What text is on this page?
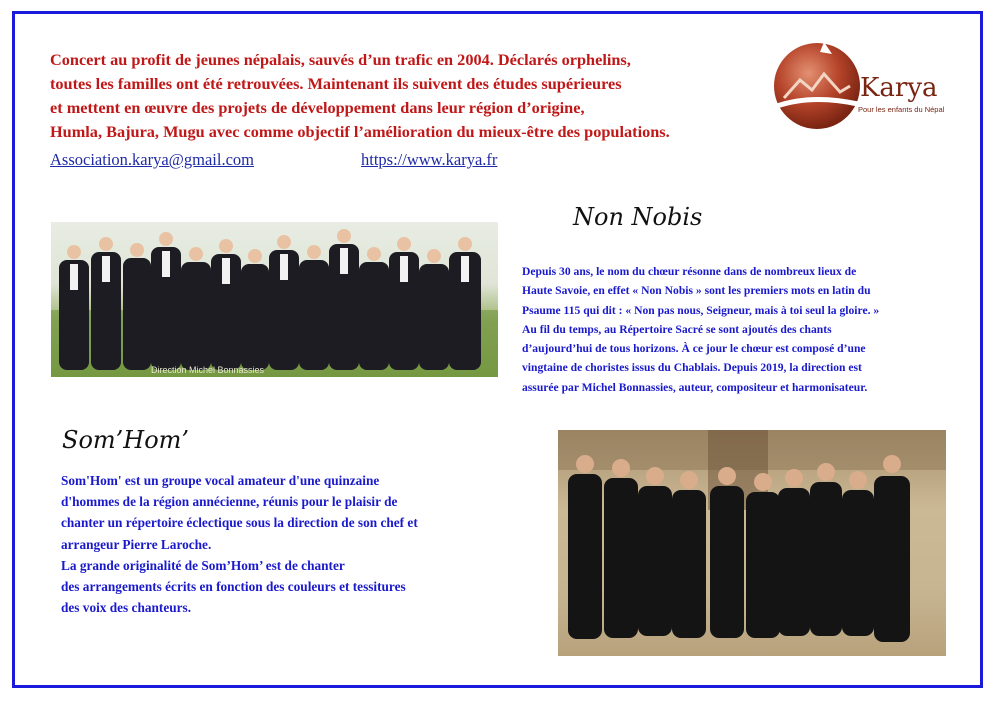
Concert au profit de jeunes népalais, sauvés d’un trafic en 2004. Déclarés orphelins,
toutes les familles ont été retrouvées. Maintenant ils suivent des études supérieures
et mettent en œuvre des projets de développement dans leur région d’origine,
Humla, Bajura, Mugu avec comme objectif l’amélioration du mieux-être des populations.
Association.karya@gmail.com	https://www.karya.fr
Karya
Pour les enfants du Népal
Non Nobis
Direction Michel Bonnassies
Depuis 30 ans, le nom du chœur résonne dans de nombreux lieux de
Haute Savoie, en effet « Non Nobis » sont les premiers mots en latin du
Psaume 115 qui dit : « Non pas nous, Seigneur, mais à toi seul la gloire. »
Au fil du temps, au Répertoire Sacré se sont ajoutés des chants
d’aujourd’hui de tous horizons. À ce jour le chœur est composé d’une
vingtaine de choristes issus du Chablais. Depuis 2019, la direction est
assurée par Michel Bonnassies, auteur, compositeur et harmonisateur.
Som’Hom’
Som'Hom' est un groupe vocal amateur d'une quinzaine
d'hommes de la région annécienne, réunis pour le plaisir de
chanter un répertoire éclectique sous la direction de son chef et
arrangeur Pierre Laroche.
La grande originalité de Som’Hom’ est de chanter
des arrangements écrits en fonction des couleurs et tessitures
des voix des chanteurs.
